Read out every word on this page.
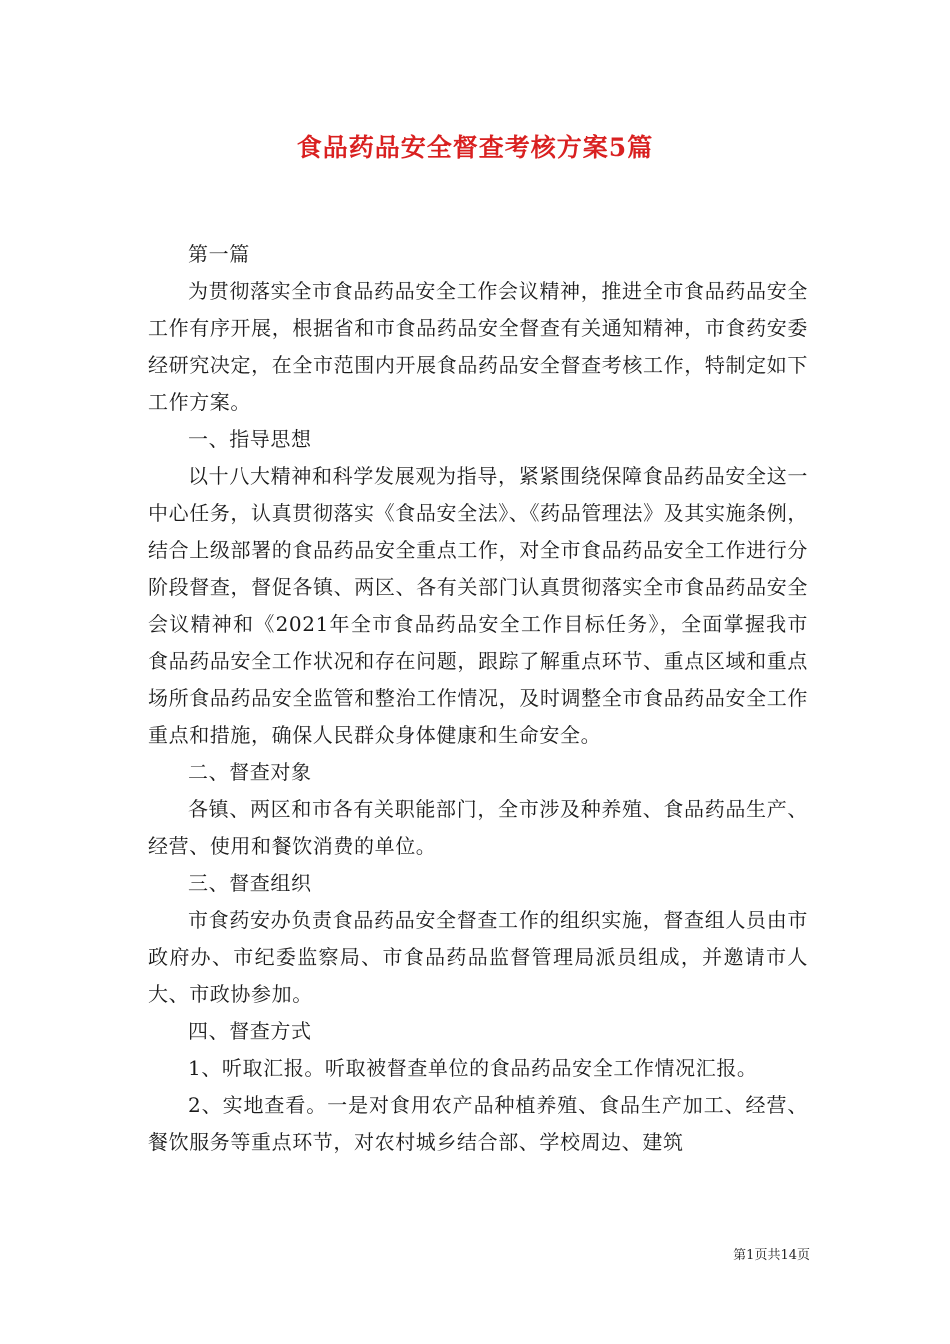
食品药品安全督查考核方案5篇

第一篇

为贯彻落实全市食品药品安全工作会议精神，推进全市食品药品安全工作有序开展，根据省和市食品药品安全督查有关通知精神，市食药安委经研究决定，在全市范围内开展食品药品安全督查考核工作，特制定如下工作方案。

一、指导思想

以十八大精神和科学发展观为指导，紧紧围绕保障食品药品安全这一中心任务，认真贯彻落实《食品安全法》、《药品管理法》及其实施条例，结合上级部署的食品药品安全重点工作，对全市食品药品安全工作进行分阶段督查，督促各镇、两区、各有关部门认真贯彻落实全市食品药品安全会议精神和《2021年全市食品药品安全工作目标任务》，全面掌握我市食品药品安全工作状况和存在问题，跟踪了解重点环节、重点区域和重点场所食品药品安全监管和整治工作情况，及时调整全市食品药品安全工作重点和措施，确保人民群众身体健康和生命安全。

二、督查对象

各镇、两区和市各有关职能部门，全市涉及种养殖、食品药品生产、经营、使用和餐饮消费的单位。

三、督查组织

市食药安办负责食品药品安全督查工作的组织实施，督查组人员由市政府办、市纪委监察局、市食品药品监督管理局派员组成，并邀请市人大、市政协参加。

四、督查方式

1、听取汇报。听取被督查单位的食品药品安全工作情况汇报。

2、实地查看。一是对食用农产品种植养殖、食品生产加工、经营、餐饮服务等重点环节，对农村城乡结合部、学校周边、建筑

第1页共14页
